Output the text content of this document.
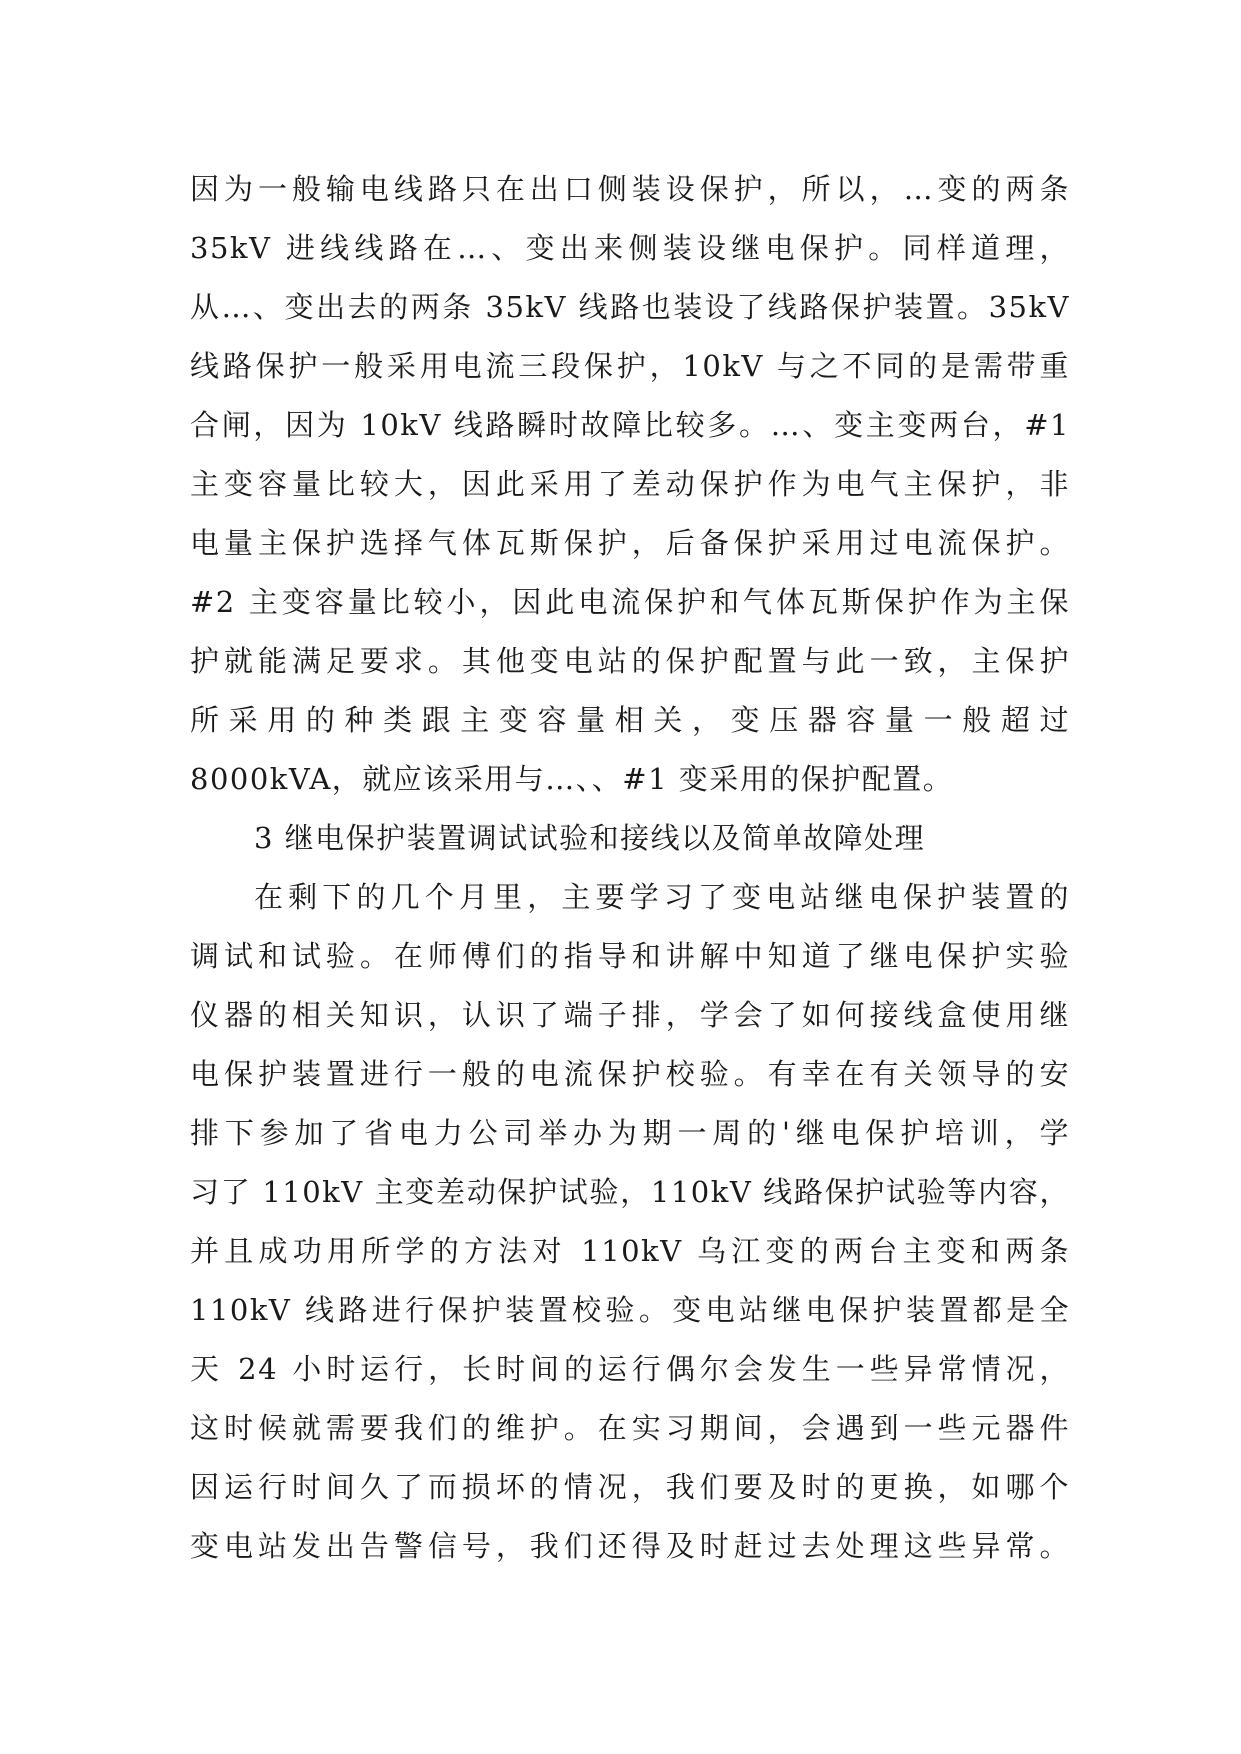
因为一般输电线路只在出口侧装设保护，所以，…变的两条
35kV 进线线路在…、变出来侧装设继电保护。同样道理，
从…、变出去的两条 35kV 线路也装设了线路保护装置。35kV
线路保护一般采用电流三段保护，10kV 与之不同的是需带重
合闸，因为 10kV 线路瞬时故障比较多。…、变主变两台，#1
主变容量比较大，因此采用了差动保护作为电气主保护，非
电量主保护选择气体瓦斯保护，后备保护采用过电流保护。
#2 主变容量比较小，因此电流保护和气体瓦斯保护作为主保
护就能满足要求。其他变电站的保护配置与此一致，主保护
所采用的种类跟主变容量相关，变压器容量一般超过
8000kVA，就应该采用与…、、#1 变采用的保护配置。
3 继电保护装置调试试验和接线以及简单故障处理
在剩下的几个月里，主要学习了变电站继电保护装置的
调试和试验。在师傅们的指导和讲解中知道了继电保护实验
仪器的相关知识，认识了端子排，学会了如何接线盒使用继
电保护装置进行一般的电流保护校验。有幸在有关领导的安
排下参加了省电力公司举办为期一周的'继电保护培训，学
习了 110kV 主变差动保护试验，110kV 线路保护试验等内容，
并且成功用所学的方法对 110kV 乌江变的两台主变和两条
110kV 线路进行保护装置校验。变电站继电保护装置都是全
天 24 小时运行，长时间的运行偶尔会发生一些异常情况，
这时候就需要我们的维护。在实习期间，会遇到一些元器件
因运行时间久了而损坏的情况，我们要及时的更换，如哪个
变电站发出告警信号，我们还得及时赶过去处理这些异常。
